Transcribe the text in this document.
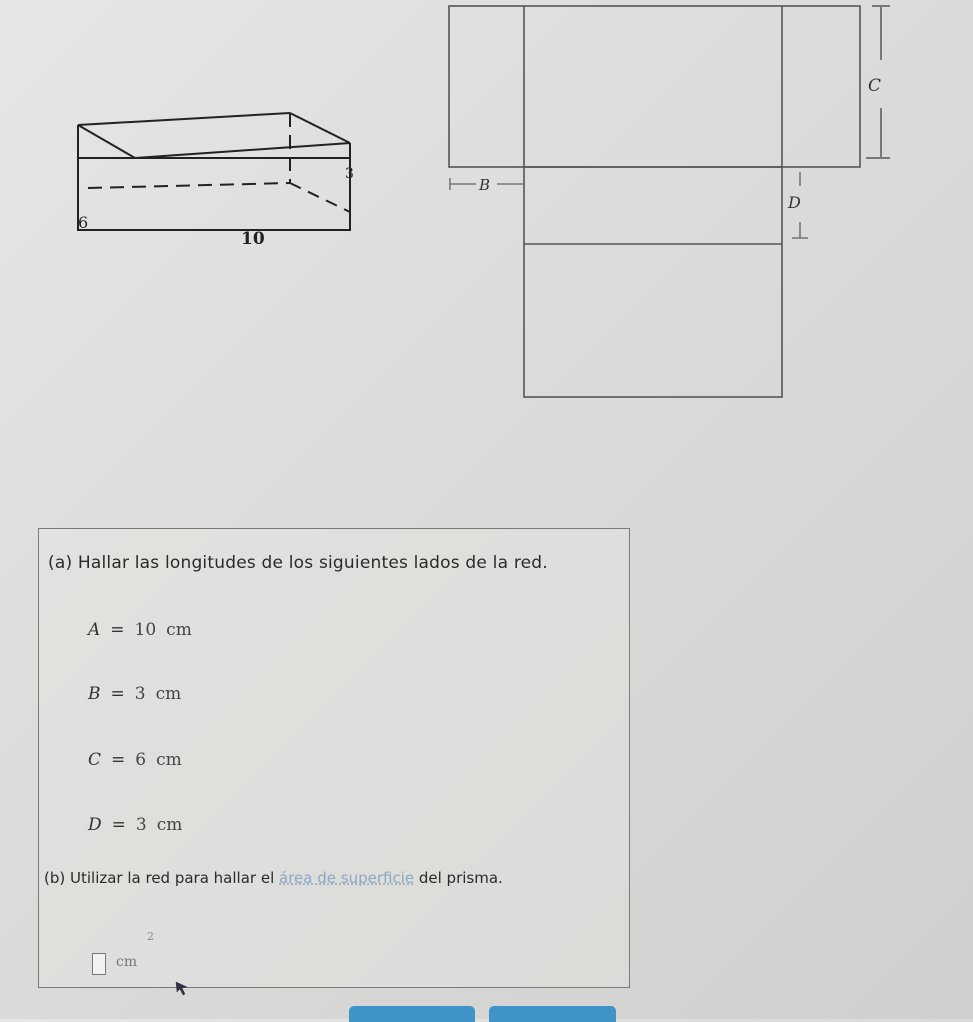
3
6
10
C
B
D
(a) Hallar las longitudes de los siguientes lados de la red.
A = 10 cm
B = 3 cm
C = 6 cm
D = 3 cm
(b) Utilizar la red para hallar el área de superficie del prisma.
cm
2
